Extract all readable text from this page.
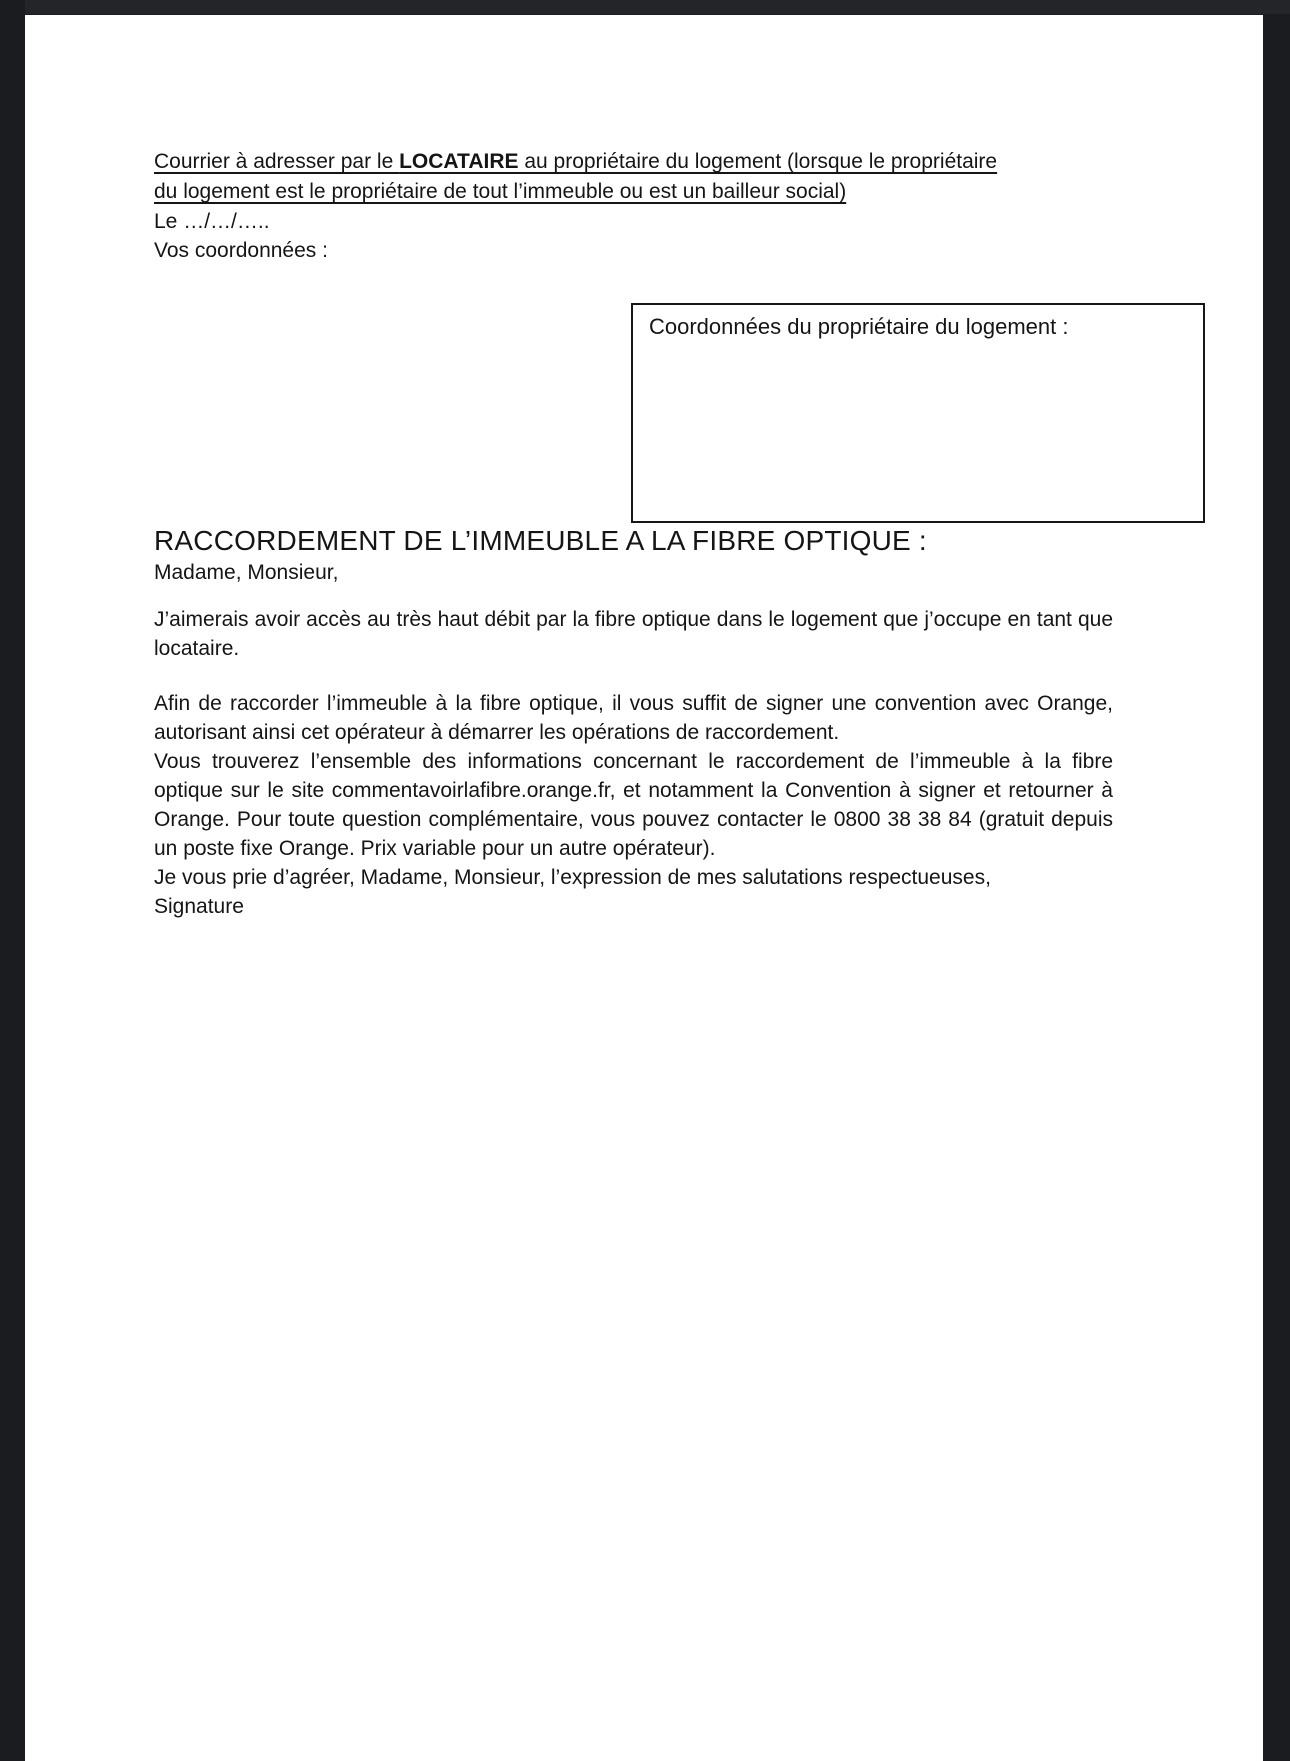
Courrier à adresser par le LOCATAIRE au propriétaire du logement (lorsque le propriétaire
du logement est le propriétaire de tout l’immeuble ou est un bailleur social)

Le …/…/…..

Vos coordonnées :

Coordonnées du propriétaire du logement :

RACCORDEMENT DE L’IMMEUBLE A LA FIBRE OPTIQUE :

Madame, Monsieur,

J’aimerais avoir accès au très haut débit par la fibre optique dans le logement que j’occupe en tant que locataire.

Afin de raccorder l’immeuble à la fibre optique, il vous suffit de signer une convention avec Orange, autorisant ainsi cet opérateur à démarrer les opérations de raccordement.

Vous trouverez l’ensemble des informations concernant le raccordement de l’immeuble à la fibre optique sur le site commentavoirlafibre.orange.fr, et notamment la Convention à signer et retourner à Orange. Pour toute question complémentaire, vous pouvez contacter le 0800 38 38 84 (gratuit depuis un poste fixe Orange. Prix variable pour un autre opérateur).

Je vous prie d’agréer, Madame, Monsieur, l’expression de mes salutations respectueuses,

Signature
